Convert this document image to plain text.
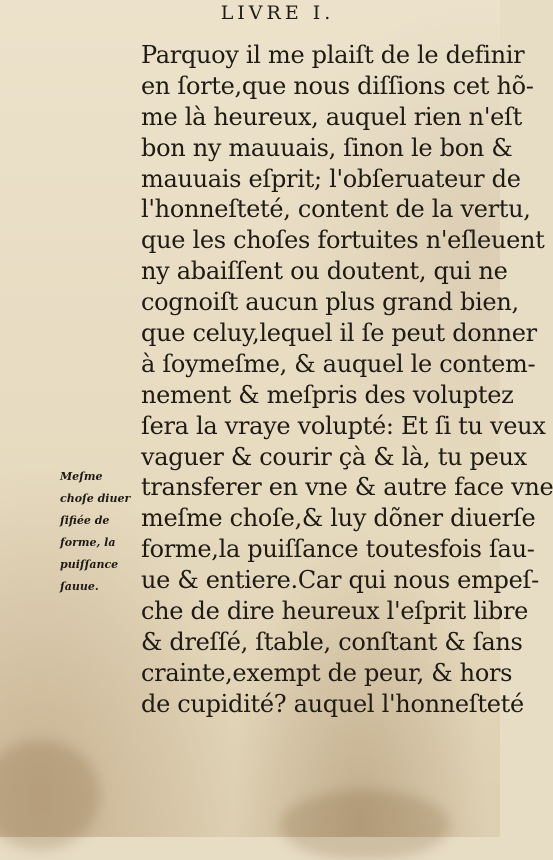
LIVRE I.
Parquoy il me plaiſt de le definir
en ſorte,que nous diſſions cet hõ-
me là heureux, auquel rien n'eſt
bon ny mauuais, ſinon le bon &
mauuais eſprit; l'obſeruateur de
l'honneſteté, content de la vertu,
que les choſes fortuites n'eſleuent
ny abaiſſent ou doutent, qui ne
cognoiſt aucun plus grand bien,
que celuy,lequel il ſe peut donner
à ſoymeſme, & auquel le contem-
nement & meſpris des voluptez
ſera la vraye volupté: Et ſi tu veux
vaguer & courir çà & là, tu peux
transferer en vne & autre face vne
meſme choſe,& luy dõner diuerſe
forme,la puiſſance toutesfois ſau-
ue & entiere.Car qui nous empeſ-
che de dire heureux l'eſprit libre
& dreſſé, ſtable, conſtant & ſans
crainte,exempt de peur, & hors
de cupidité? auquel l'honneſteté
Meſme
choſe diuer
ſifiée de
forme, la
puiſſance
ſauue.
